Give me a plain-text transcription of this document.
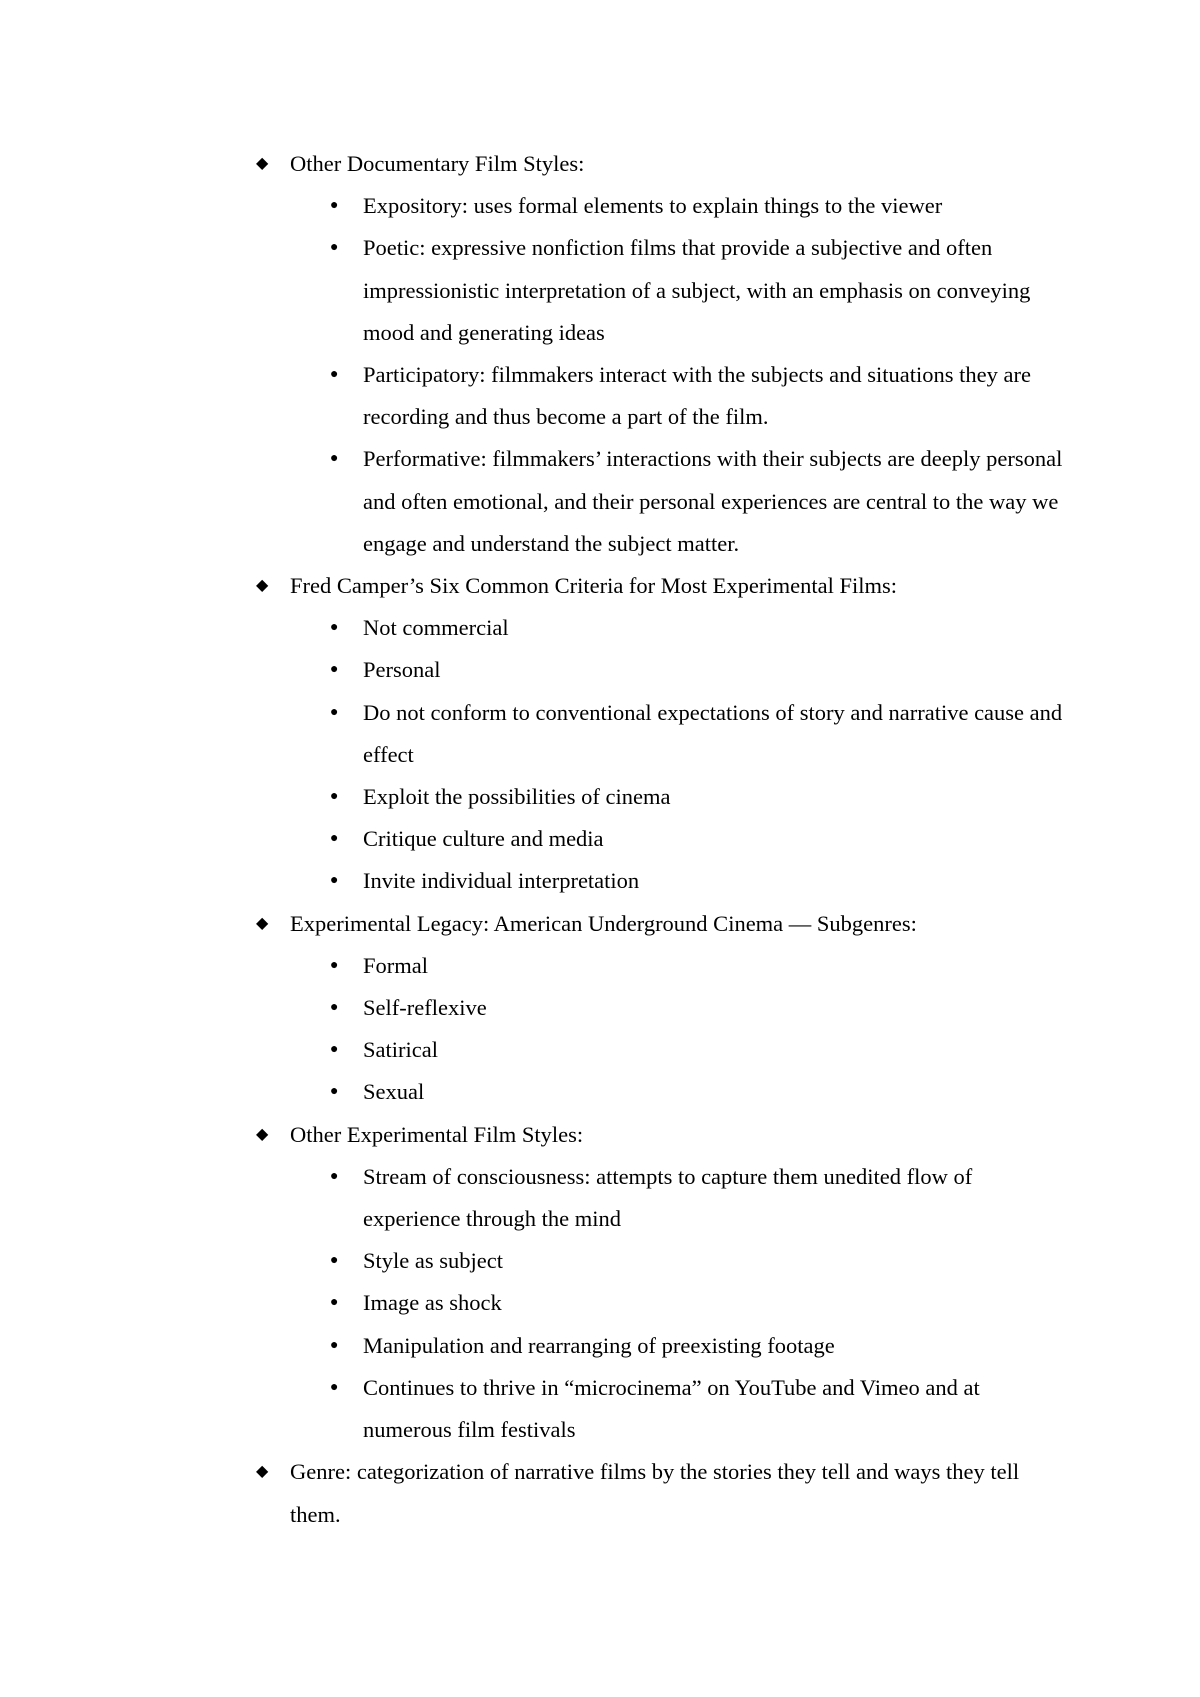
◆ Other Documentary Film Styles:
● Expository: uses formal elements to explain things to the viewer
● Poetic: expressive nonfiction films that provide a subjective and often impressionistic interpretation of a subject, with an emphasis on conveying mood and generating ideas
● Participatory: filmmakers interact with the subjects and situations they are recording and thus become a part of the film.
● Performative: filmmakers’ interactions with their subjects are deeply personal and often emotional, and their personal experiences are central to the way we engage and understand the subject matter.
◆ Fred Camper’s Six Common Criteria for Most Experimental Films:
● Not commercial
● Personal
● Do not conform to conventional expectations of story and narrative cause and effect
● Exploit the possibilities of cinema
● Critique culture and media
● Invite individual interpretation
◆ Experimental Legacy: American Underground Cinema — Subgenres:
● Formal
● Self-reflexive
● Satirical
● Sexual
◆ Other Experimental Film Styles:
● Stream of consciousness: attempts to capture them unedited flow of experience through the mind
● Style as subject
● Image as shock
● Manipulation and rearranging of preexisting footage
● Continues to thrive in “microcinema” on YouTube and Vimeo and at numerous film festivals
◆ Genre: categorization of narrative films by the stories they tell and ways they tell them.
